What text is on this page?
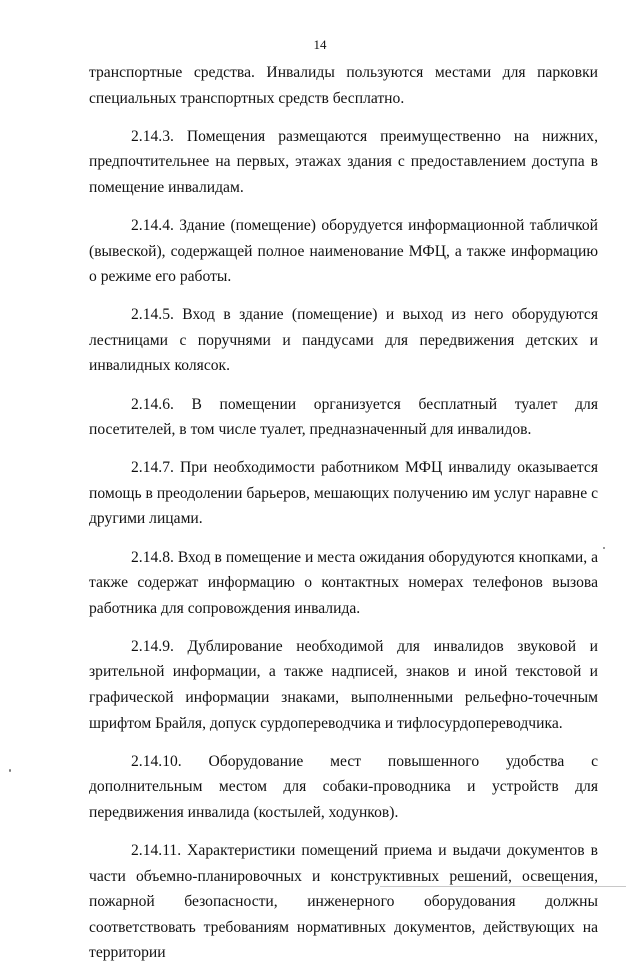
14

транспортные средства. Инвалиды пользуются местами для парковки специальных транспортных средств бесплатно.

2.14.3. Помещения размещаются преимущественно на нижних, предпочтительнее на первых, этажах здания с предоставлением доступа в помещение инвалидам.

2.14.4. Здание (помещение) оборудуется информационной табличкой (вывеской), содержащей полное наименование МФЦ, а также информацию о режиме его работы.

2.14.5. Вход в здание (помещение) и выход из него оборудуются лестницами с поручнями и пандусами для передвижения детских и инвалидных колясок.

2.14.6. В помещении организуется бесплатный туалет для посетителей, в том числе туалет, предназначенный для инвалидов.

2.14.7. При необходимости работником МФЦ инвалиду оказывается помощь в преодолении барьеров, мешающих получению им услуг наравне с другими лицами.

2.14.8. Вход в помещение и места ожидания оборудуются кнопками, а также содержат информацию о контактных номерах телефонов вызова работника для сопровождения инвалида.

2.14.9. Дублирование необходимой для инвалидов звуковой и зрительной информации, а также надписей, знаков и иной текстовой и графической информации знаками, выполненными рельефно-точечным шрифтом Брайля, допуск сурдопереводчика и тифлосурдопереводчика.

2.14.10. Оборудование мест повышенного удобства с дополнительным местом для собаки-проводника и устройств для передвижения инвалида (костылей, ходунков).

2.14.11. Характеристики помещений приема и выдачи документов в части объемно-планировочных и конструктивных решений, освещения, пожарной безопасности, инженерного оборудования должны соответствовать требованиям нормативных документов, действующих на территории
